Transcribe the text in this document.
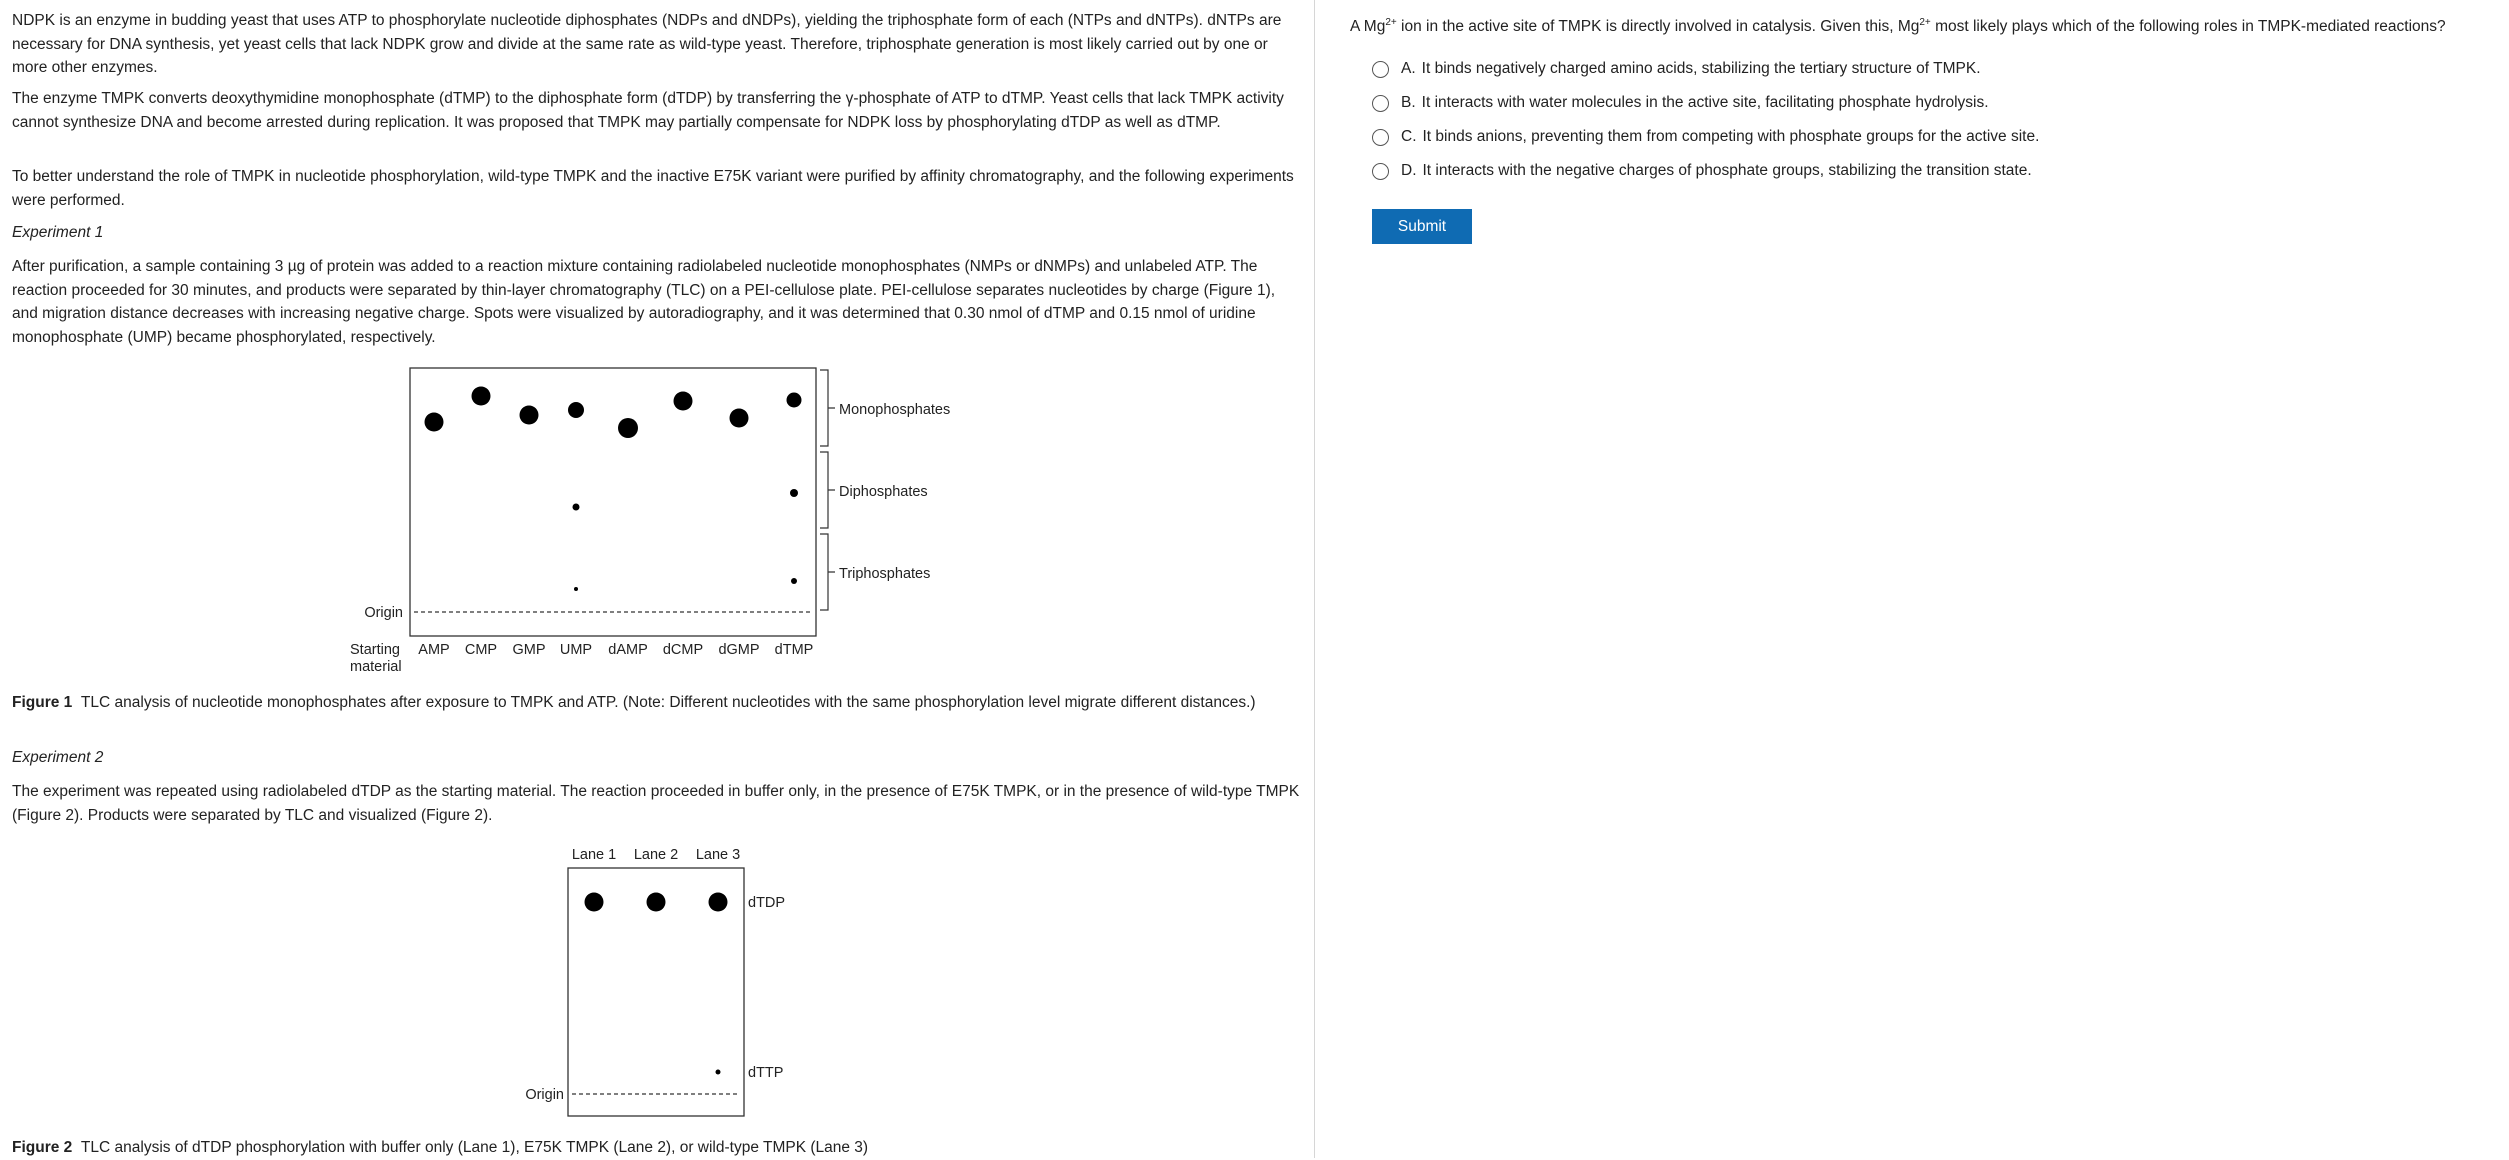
NDPK is an enzyme in budding yeast that uses ATP to phosphorylate nucleotide diphosphates (NDPs and dNDPs), yielding the triphosphate form of each (NTPs and dNTPs). dNTPs are necessary for DNA synthesis, yet yeast cells that lack NDPK grow and divide at the same rate as wild-type yeast. Therefore, triphosphate generation is most likely carried out by one or more other enzymes.

The enzyme TMPK converts deoxythymidine monophosphate (dTMP) to the diphosphate form (dTDP) by transferring the γ-phosphate of ATP to dTMP. Yeast cells that lack TMPK activity cannot synthesize DNA and become arrested during replication. It was proposed that TMPK may partially compensate for NDPK loss by phosphorylating dTDP as well as dTMP.

To better understand the role of TMPK in nucleotide phosphorylation, wild-type TMPK and the inactive E75K variant were purified by affinity chromatography, and the following experiments were performed.

Experiment 1

After purification, a sample containing 3 µg of protein was added to a reaction mixture containing radiolabeled nucleotide monophosphates (NMPs or dNMPs) and unlabeled ATP. The reaction proceeded for 30 minutes, and products were separated by thin-layer chromatography (TLC) on a PEI-cellulose plate. PEI-cellulose separates nucleotides by charge (Figure 1), and migration distance decreases with increasing negative charge. Spots were visualized by autoradiography, and it was determined that 0.30 nmol of dTMP and 0.15 nmol of uridine monophosphate (UMP) became phosphorylated, respectively.

Origin
Monophosphates
Diphosphates
Triphosphates
Starting
material
AMP CMP GMP UMP dAMP dCMP dGMP dTMP

Figure 1 TLC analysis of nucleotide monophosphates after exposure to TMPK and ATP. (Note: Different nucleotides with the same phosphorylation level migrate different distances.)

Experiment 2

The experiment was repeated using radiolabeled dTDP as the starting material. The reaction proceeded in buffer only, in the presence of E75K TMPK, or in the presence of wild-type TMPK (Figure 2). Products were separated by TLC and visualized (Figure 2).

Lane 1 Lane 2 Lane 3
Origin
dTDP
dTTP

Figure 2 TLC analysis of dTDP phosphorylation with buffer only (Lane 1), E75K TMPK (Lane 2), or wild-type TMPK (Lane 3)

A $Mg^{2+}$ ion in the active site of TMPK is directly involved in catalysis. Given this, $Mg^{2+}$ most likely plays which of the following roles in TMPK-mediated reactions?
A. It binds negatively charged amino acids, stabilizing the tertiary structure of TMPK.
B. It interacts with water molecules in the active site, facilitating phosphate hydrolysis.
C. It binds anions, preventing them from competing with phosphate groups for the active site.
D. It interacts with the negative charges of phosphate groups, stabilizing the transition state.
Submit
